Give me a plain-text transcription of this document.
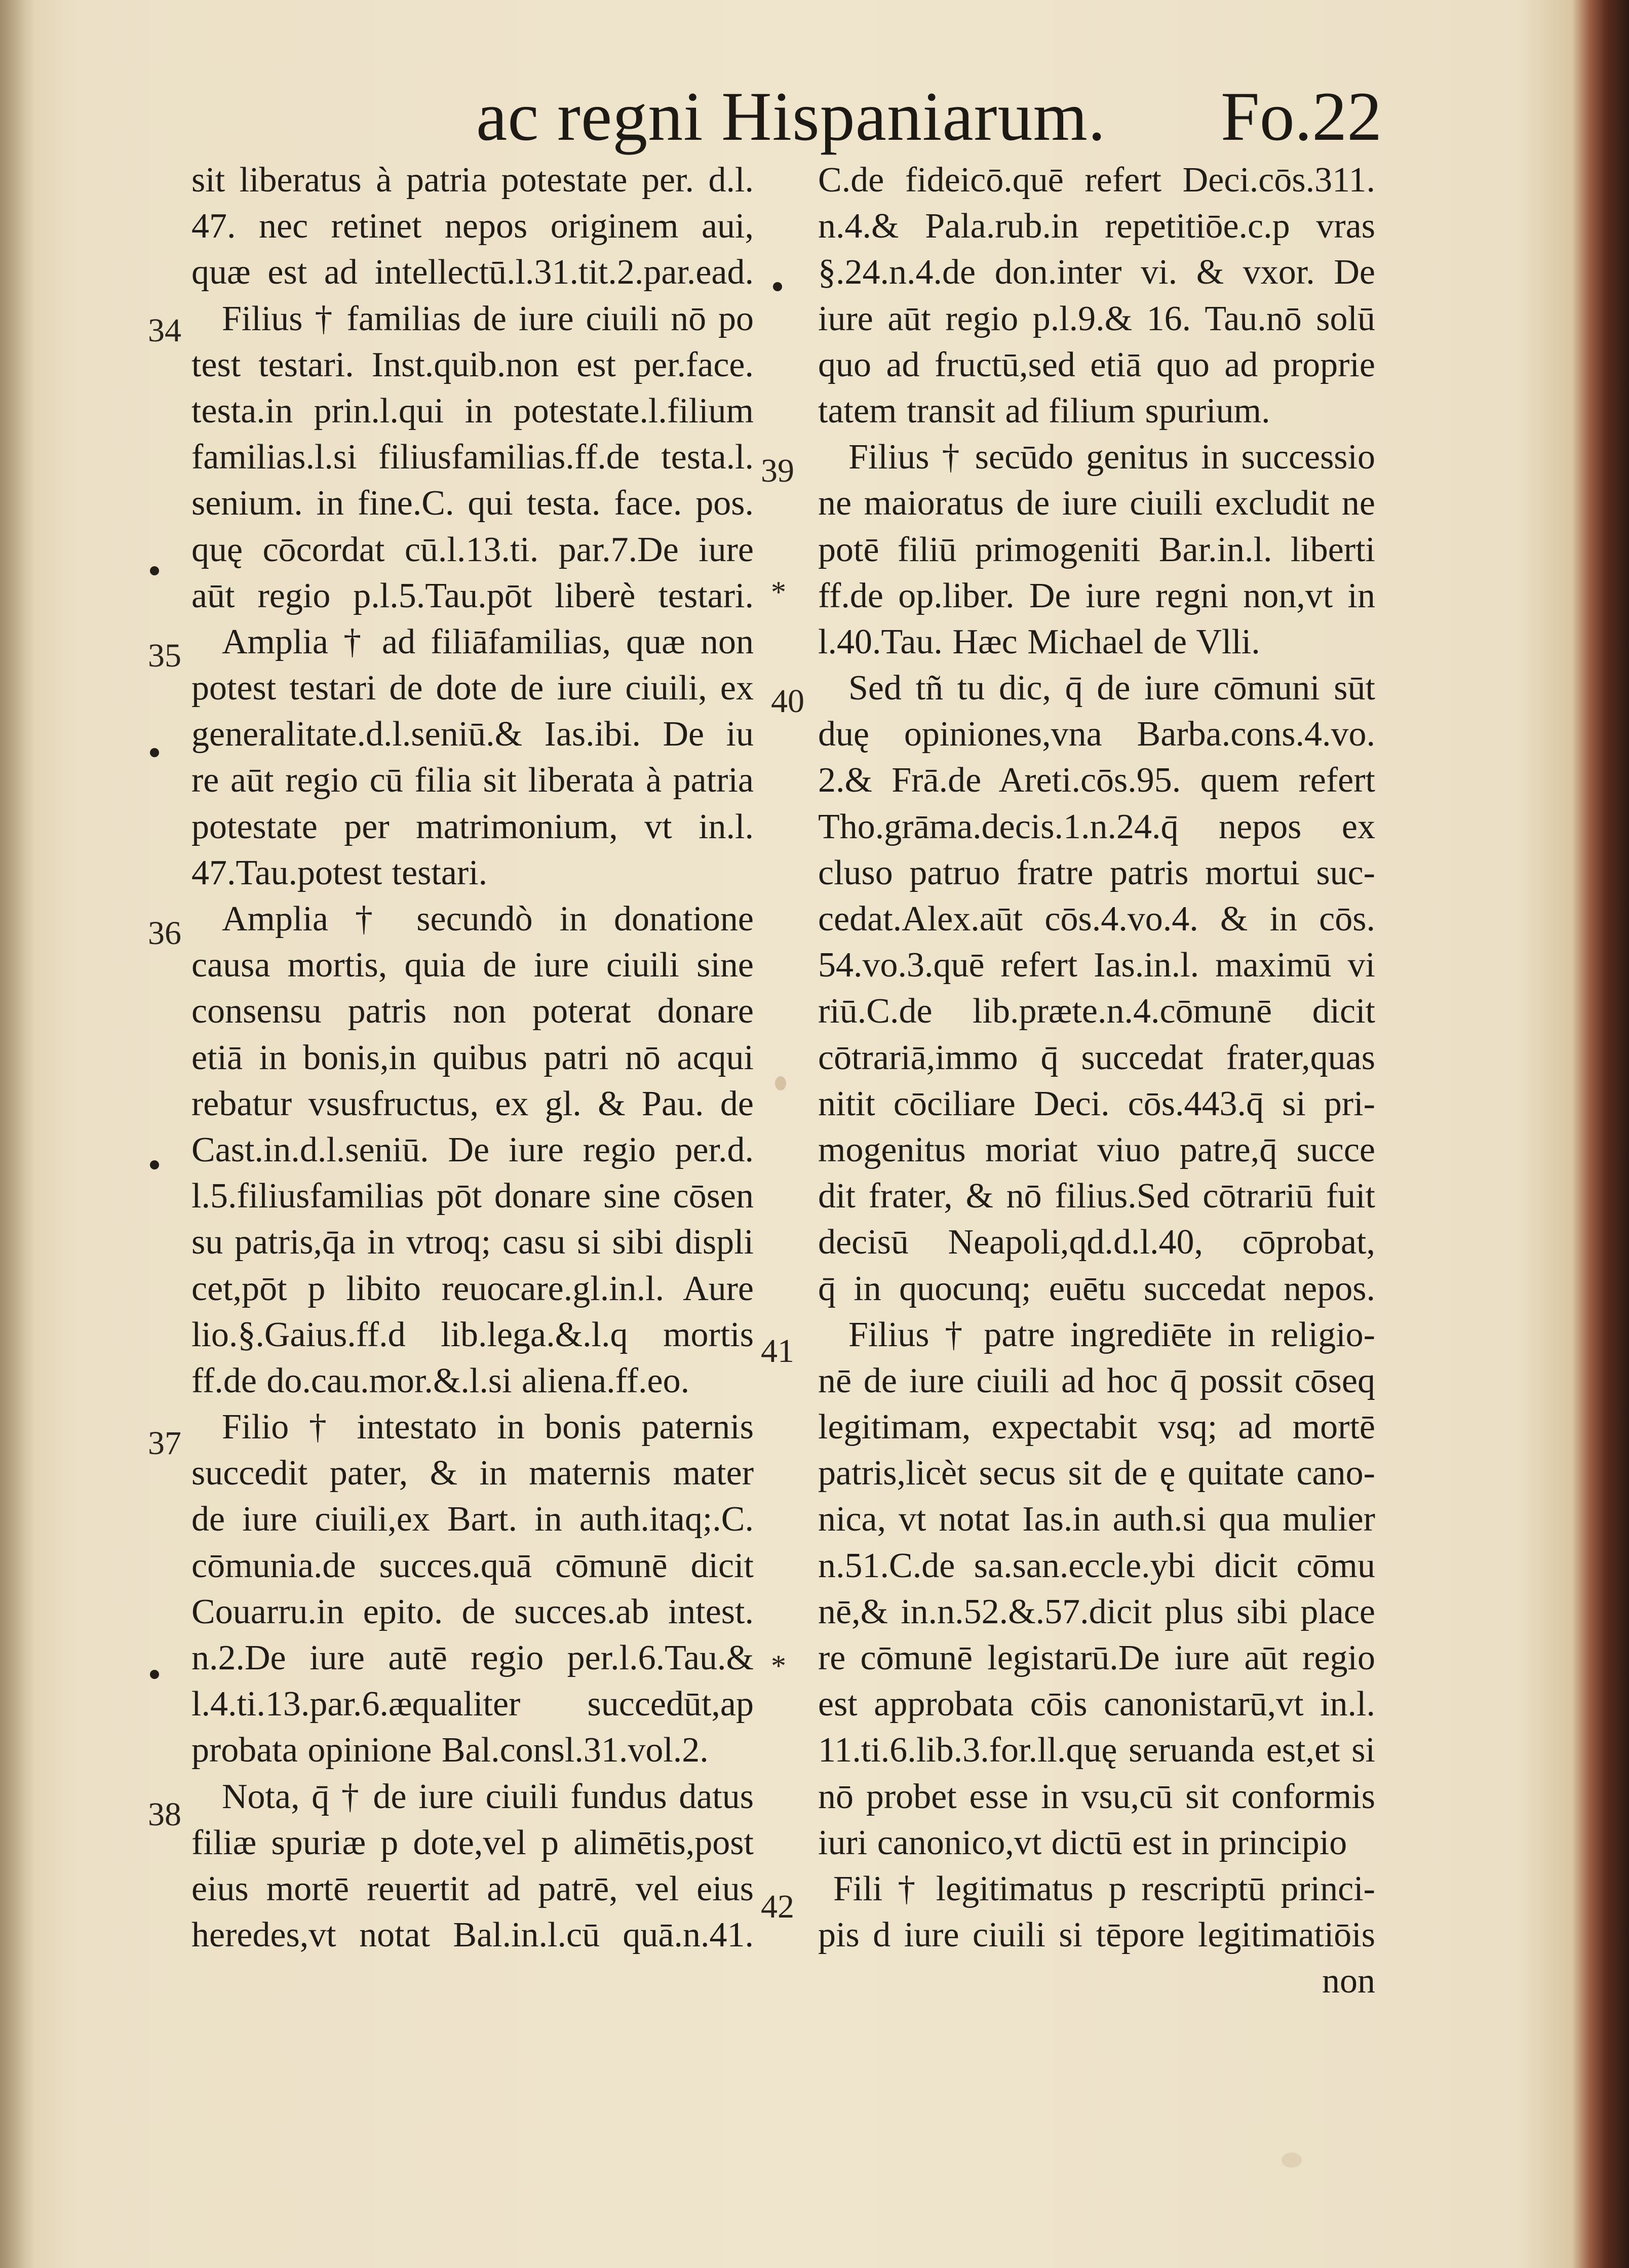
ac regni Hispaniarum. Fo.22
34
35
36
37
38
39
40
41
42
*
*
sit liberatus à patria potestate per. d.l.
47. nec retinet nepos originem aui,
quæ est ad intellectū.l.31.tit.2.par.ead.
Filius † familias de iure ciuili nō po
test testari. Inst.quib.non est per.face.
testa.in prin.l.qui in potestate.l.filium
familias.l.si filiusfamilias.ff.de testa.l.
senium. in fine.C. qui testa. face. pos.
quę cōcordat cū.l.13.ti. par.7.De iure
aūt regio p.l.5.Tau.pōt liberè testari.
Amplia † ad filiāfamilias, quæ non
potest testari de dote de iure ciuili, ex
generalitate.d.l.seniū.& Ias.ibi. De iu
re aūt regio cū filia sit liberata à patria
potestate per matrimonium, vt in.l.
47.Tau.potest testari.
Amplia † secundò in donatione
causa mortis, quia de iure ciuili sine
consensu patris non poterat donare
etiā in bonis,in quibus patri nō acqui
rebatur vsusfructus, ex gl. & Pau. de
Cast.in.d.l.seniū. De iure regio per.d.
l.5.filiusfamilias pōt donare sine cōsen
su patris,q̄a in vtroq; casu si sibi displi
cet,pōt p libito reuocare.gl.in.l. Aure
lio.§.Gaius.ff.d lib.lega.&.l.q mortis
ff.de do.cau.mor.&.l.si aliena.ff.eo.
Filio † intestato in bonis paternis
succedit pater, & in maternis mater
de iure ciuili,ex Bart. in auth.itaq;.C.
cōmunia.de succes.quā cōmunē dicit
Couarru.in epito. de succes.ab intest.
n.2.De iure autē regio per.l.6.Tau.&
l.4.ti.13.par.6.æqualiter succedūt,ap
probata opinione Bal.consl.31.vol.2.
Nota, q̄ † de iure ciuili fundus datus
filiæ spuriæ p dote,vel p alimētis,post
eius mortē reuertit ad patrē, vel eius
heredes,vt notat Bal.in.l.cū quā.n.41.
C.de fideicō.quē refert Deci.cōs.311.
n.4.& Pala.rub.in repetitiōe.c.p vras
§.24.n.4.de don.inter vi. & vxor. De
iure aūt regio p.l.9.& 16. Tau.nō solū
quo ad fructū,sed etiā quo ad proprie
tatem transit ad filium spurium.
Filius † secūdo genitus in successio
ne maioratus de iure ciuili excludit ne
potē filiū primogeniti Bar.in.l. liberti
ff.de op.liber. De iure regni non,vt in
l.40.Tau. Hæc Michael de Vlli.
Sed tñ tu dic, q̄ de iure cōmuni sūt
duę opiniones,vna Barba.cons.4.vo.
2.& Frā.de Areti.cōs.95. quem refert
Tho.grāma.decis.1.n.24.q̄ nepos ex
cluso patruo fratre patris mortui suc-
cedat.Alex.aūt cōs.4.vo.4. & in cōs.
54.vo.3.quē refert Ias.in.l. maximū vi
riū.C.de lib.præte.n.4.cōmunē dicit
cōtrariā,immo q̄ succedat frater,quas
nitit cōciliare Deci. cōs.443.q̄ si pri-
mogenitus moriat viuo patre,q̄ succe
dit frater, & nō filius.Sed cōtrariū fuit
decisū Neapoli,qd.d.l.40, cōprobat,
q̄ in quocunq; euētu succedat nepos.
Filius † patre ingrediēte in religio-
nē de iure ciuili ad hoc q̄ possit cōseq
legitimam, expectabit vsq; ad mortē
patris,licèt secus sit de ę quitate cano-
nica, vt notat Ias.in auth.si qua mulier
n.51.C.de sa.san.eccle.ybi dicit cōmu
nē,& in.n.52.&.57.dicit plus sibi place
re cōmunē legistarū.De iure aūt regio
est approbata cōis canonistarū,vt in.l.
11.ti.6.lib.3.for.ll.quę seruanda est,et si
nō probet esse in vsu,cū sit conformis
iuri canonico,vt dictū est in principio
Fili † legitimatus p rescriptū princi-
pis d iure ciuili si tēpore legitimatiōis
non
